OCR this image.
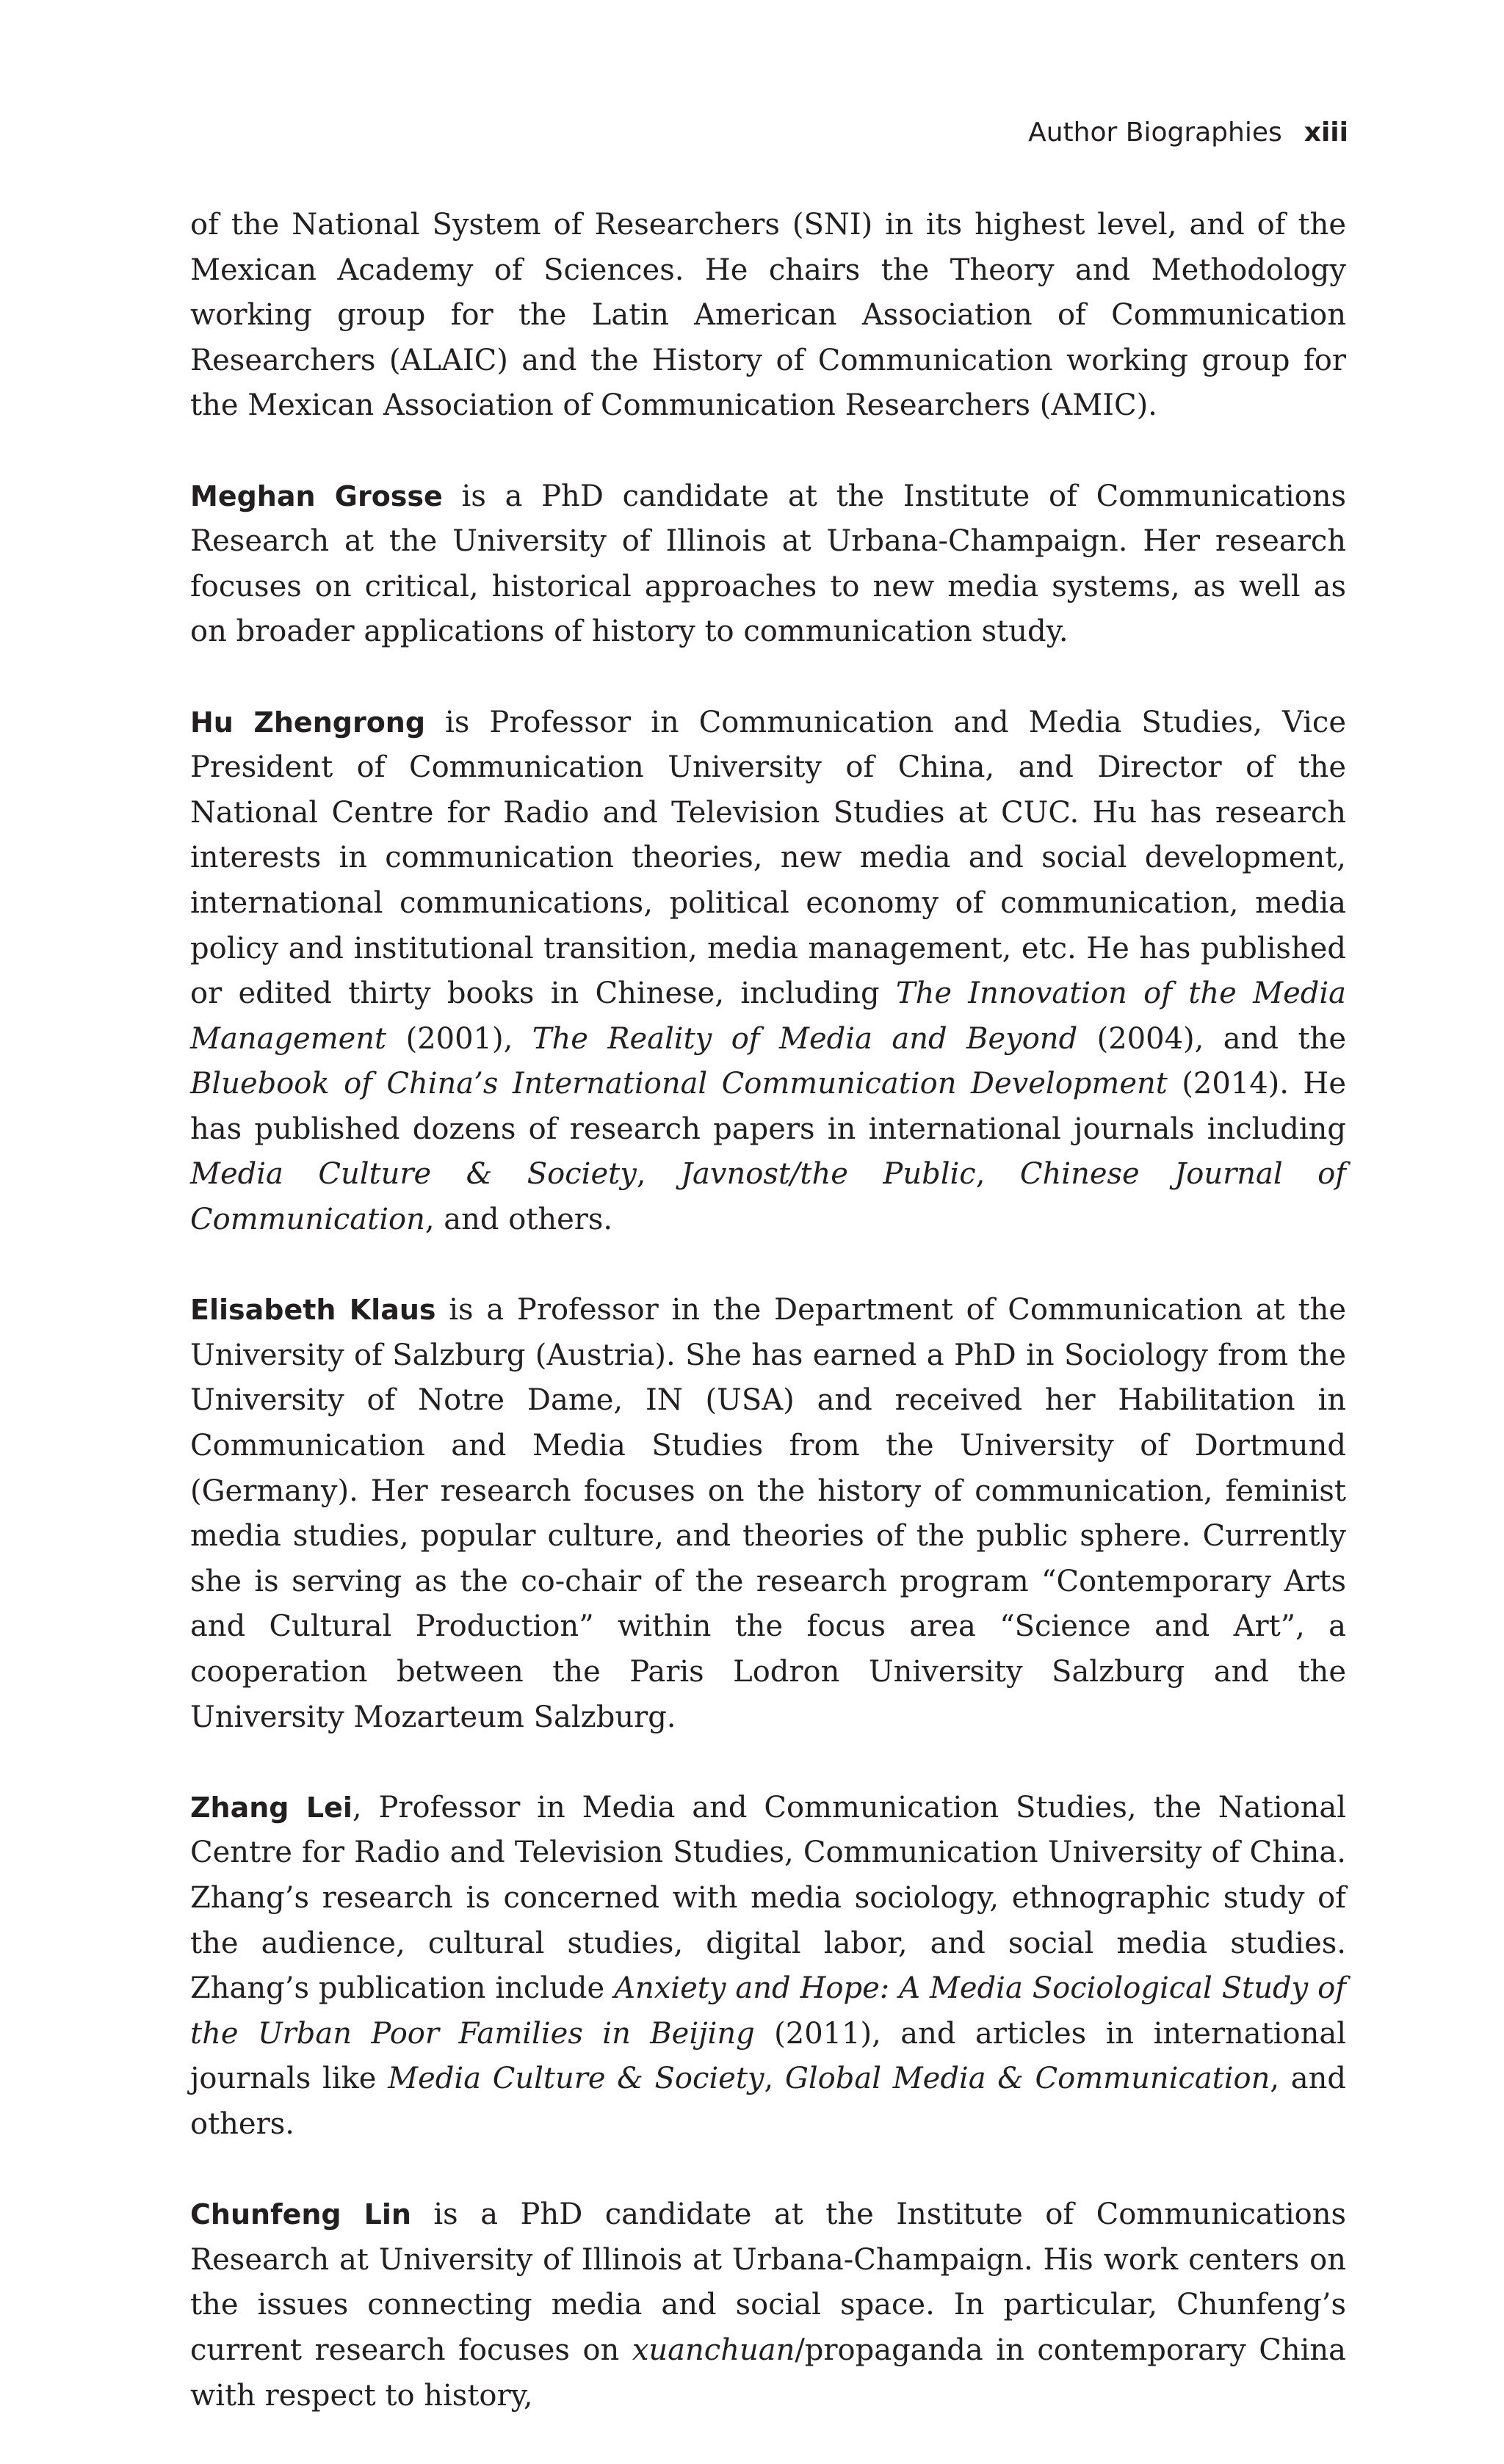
Author Biographies xiii

of the National System of Researchers (SNI) in its highest level, and of the Mexican Academy of Sciences. He chairs the Theory and Methodology working group for the Latin American Association of Communication Researchers (ALAIC) and the History of Communication working group for the Mexican Association of Communication Researchers (AMIC).

Meghan Grosse is a PhD candidate at the Institute of Communications Research at the University of Illinois at Urbana-Champaign. Her research focuses on critical, historical approaches to new media systems, as well as on broader applications of history to communication study.

Hu Zhengrong is Professor in Communication and Media Studies, Vice President of Communication University of China, and Director of the National Centre for Radio and Television Studies at CUC. Hu has research interests in communication theories, new media and social development, international communications, political economy of communication, media policy and institutional transition, media management, etc. He has published or edited thirty books in Chinese, including The Innovation of the Media Management (2001), The Reality of Media and Beyond (2004), and the Bluebook of China’s International Communication Development (2014). He has published dozens of research papers in international journals including Media Culture & Society, Javnost/the Public, Chinese Journal of Communication, and others.

Elisabeth Klaus is a Professor in the Department of Communication at the University of Salzburg (Austria). She has earned a PhD in Sociology from the University of Notre Dame, IN (USA) and received her Habilitation in Communication and Media Studies from the University of Dortmund (Germany). Her research focuses on the history of communication, feminist media studies, popular culture, and theories of the public sphere. Currently she is serving as the co-chair of the research program “Contemporary Arts and Cultural Production” within the focus area “Science and Art”, a cooperation between the Paris Lodron University Salzburg and the University Mozarteum Salzburg.

Zhang Lei, Professor in Media and Communication Studies, the National Centre for Radio and Television Studies, Communication University of China. Zhang’s research is concerned with media sociology, ethnographic study of the audience, cultural studies, digital labor, and social media studies. Zhang’s publication include Anxiety and Hope: A Media Sociological Study of the Urban Poor Families in Beijing (2011), and articles in international journals like Media Culture & Society, Global Media & Communication, and others.

Chunfeng Lin is a PhD candidate at the Institute of Communications Research at University of Illinois at Urbana-Champaign. His work centers on the issues connecting media and social space. In particular, Chunfeng’s current research focuses on xuanchuan/propaganda in contemporary China with respect to history,
